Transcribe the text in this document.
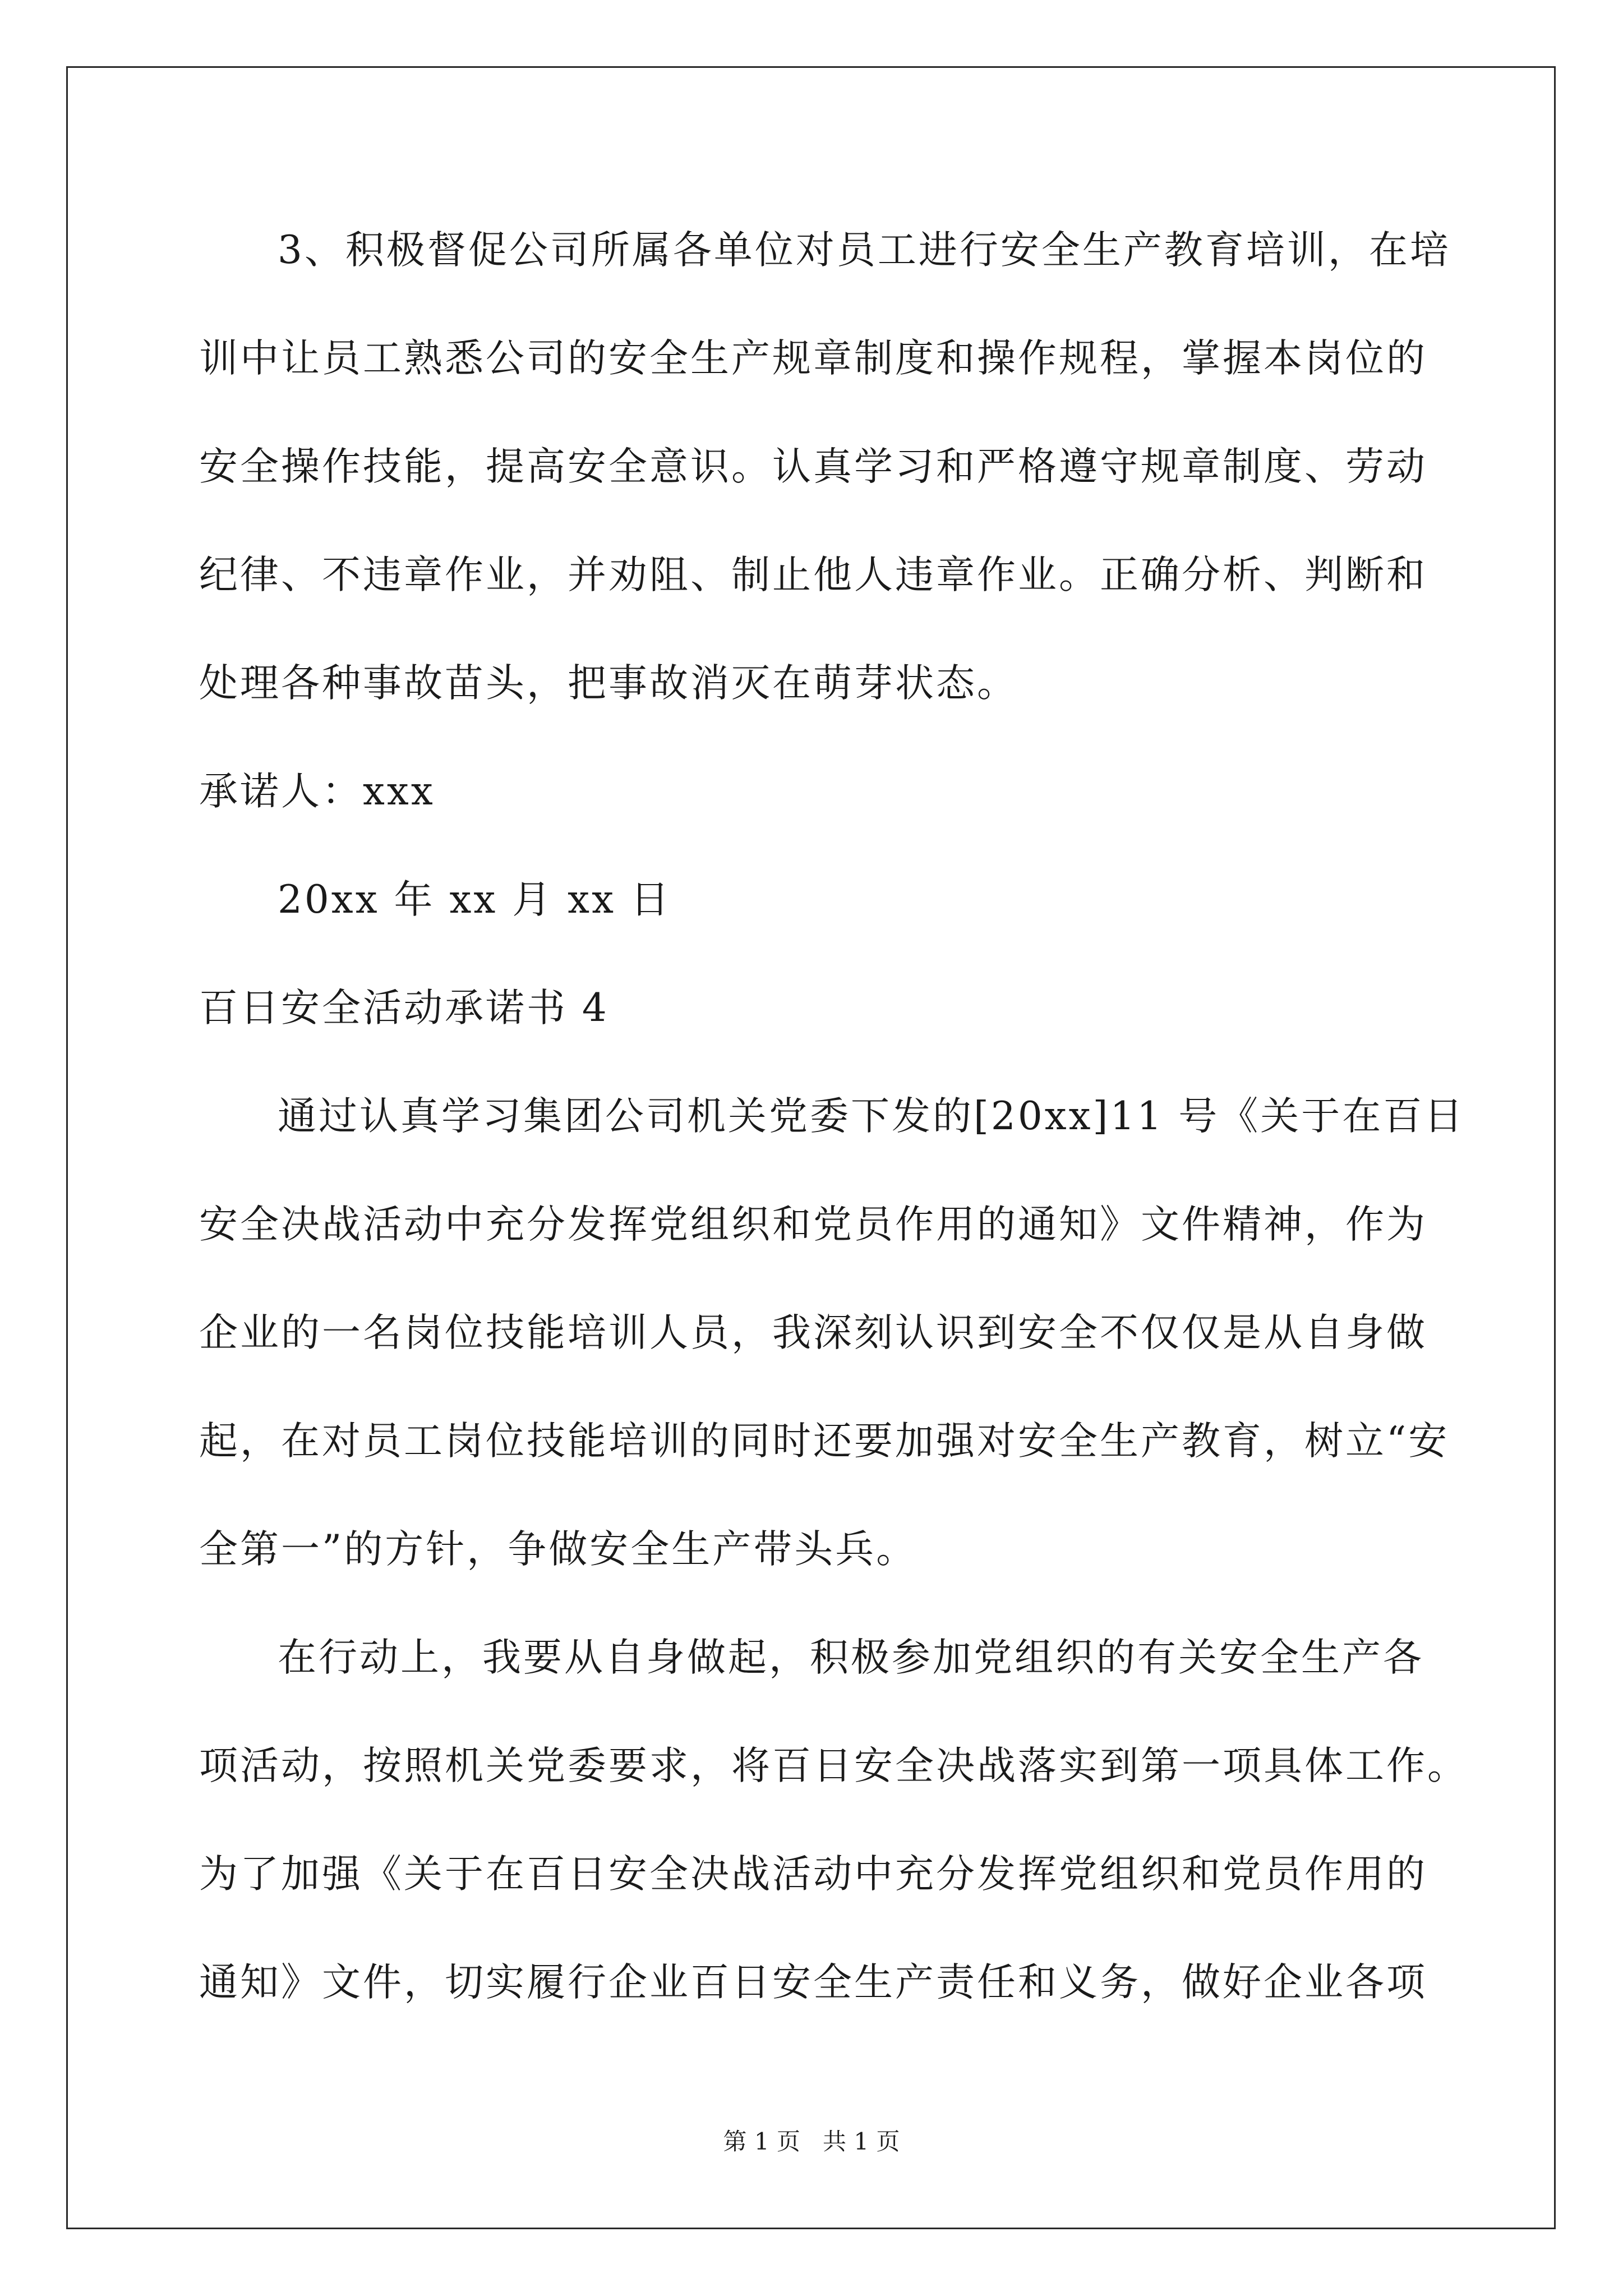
3、积极督促公司所属各单位对员工进行安全生产教育培训，在培
训中让员工熟悉公司的安全生产规章制度和操作规程，掌握本岗位的
安全操作技能，提高安全意识。认真学习和严格遵守规章制度、劳动
纪律、不违章作业，并劝阻、制止他人违章作业。正确分析、判断和
处理各种事故苗头，把事故消灭在萌芽状态。
承诺人：xxx
20xx 年 xx 月 xx 日
百日安全活动承诺书 4
通过认真学习集团公司机关党委下发的[20xx]11 号《关于在百日
安全决战活动中充分发挥党组织和党员作用的通知》文件精神，作为
企业的一名岗位技能培训人员，我深刻认识到安全不仅仅是从自身做
起，在对员工岗位技能培训的同时还要加强对安全生产教育，树立“安
全第一”的方针，争做安全生产带头兵。
在行动上，我要从自身做起，积极参加党组织的有关安全生产各
项活动，按照机关党委要求，将百日安全决战落实到第一项具体工作。
为了加强《关于在百日安全决战活动中充分发挥党组织和党员作用的
通知》文件，切实履行企业百日安全生产责任和义务，做好企业各项
第 1 页   共 1 页
